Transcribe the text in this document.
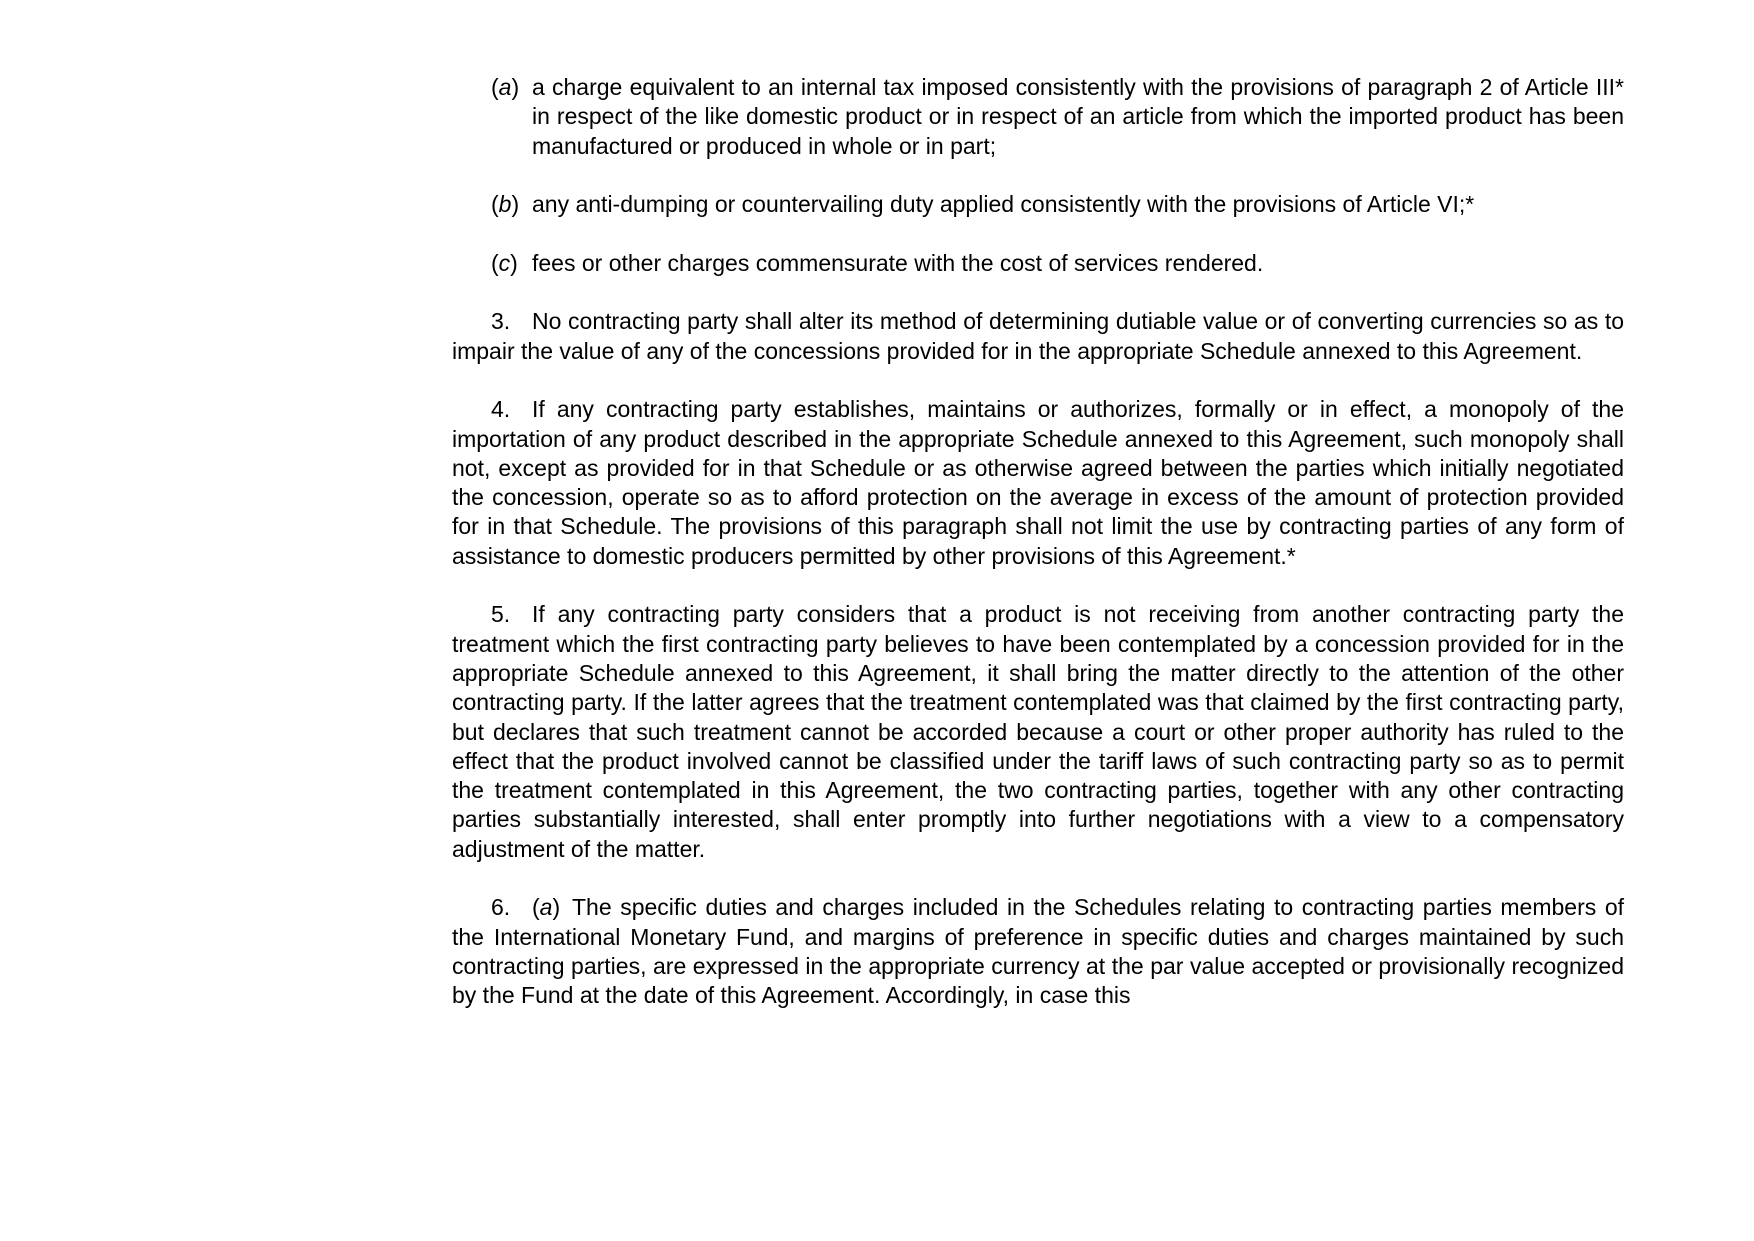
(a) a charge equivalent to an internal tax imposed consistently with the provisions of paragraph 2 of Article III* in respect of the like domestic product or in respect of an article from which the imported product has been manufactured or produced in whole or in part;
(b) any anti-dumping or countervailing duty applied consistently with the provisions of Article VI;*
(c) fees or other charges commensurate with the cost of services rendered.

3. No contracting party shall alter its method of determining dutiable value or of converting currencies so as to impair the value of any of the concessions provided for in the appropriate Schedule annexed to this Agreement.

4. If any contracting party establishes, maintains or authorizes, formally or in effect, a monopoly of the importation of any product described in the appropriate Schedule annexed to this Agreement, such monopoly shall not, except as provided for in that Schedule or as otherwise agreed between the parties which initially negotiated the concession, operate so as to afford protection on the average in excess of the amount of protection provided for in that Schedule. The provisions of this paragraph shall not limit the use by contracting parties of any form of assistance to domestic producers permitted by other provisions of this Agreement.*

5. If any contracting party considers that a product is not receiving from another contracting party the treatment which the first contracting party believes to have been contemplated by a concession provided for in the appropriate Schedule annexed to this Agreement, it shall bring the matter directly to the attention of the other contracting party. If the latter agrees that the treatment contemplated was that claimed by the first contracting party, but declares that such treatment cannot be accorded because a court or other proper authority has ruled to the effect that the product involved cannot be classified under the tariff laws of such contracting party so as to permit the treatment contemplated in this Agreement, the two contracting parties, together with any other contracting parties substantially interested, shall enter promptly into further negotiations with a view to a compensatory adjustment of the matter.

6. (a) The specific duties and charges included in the Schedules relating to contracting parties members of the International Monetary Fund, and margins of preference in specific duties and charges maintained by such contracting parties, are expressed in the appropriate currency at the par value accepted or provisionally recognized by the Fund at the date of this Agreement. Accordingly, in case this
